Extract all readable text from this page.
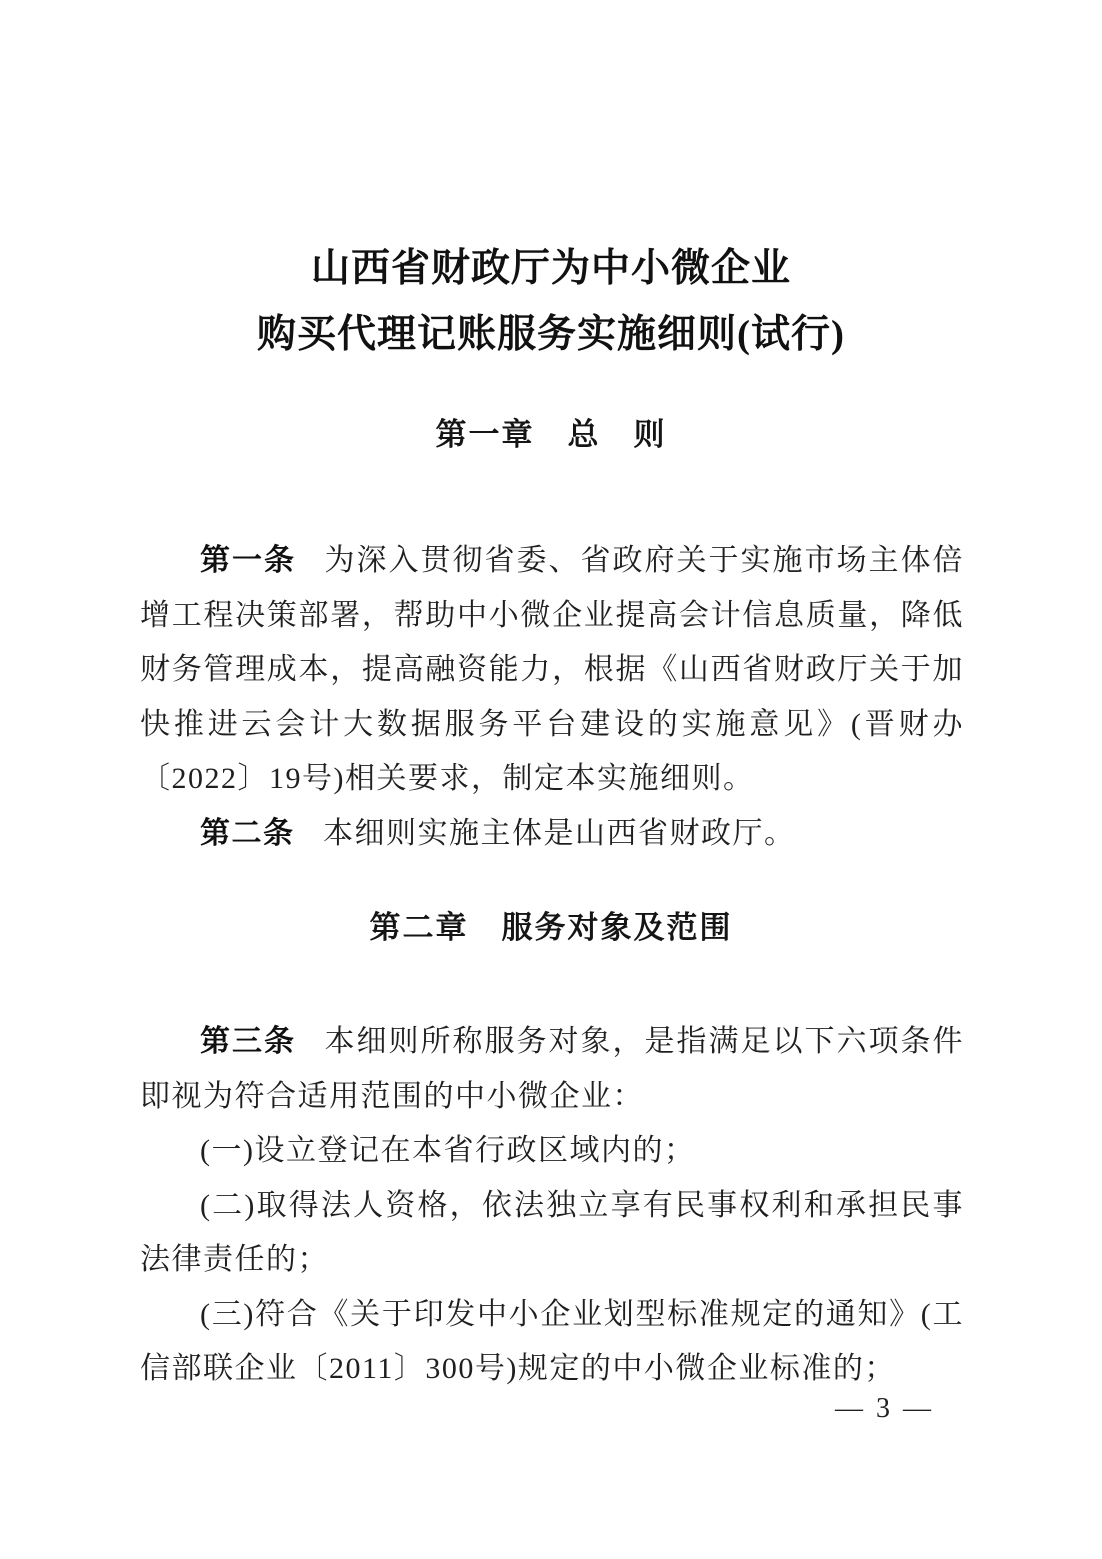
山西省财政厅为中小微企业
购买代理记账服务实施细则(试行)
第一章　总　则

第一条 为深入贯彻省委、省政府关于实施市场主体倍增工程决策部署，帮助中小微企业提高会计信息质量，降低财务管理成本，提高融资能力，根据《山西省财政厅关于加快推进云会计大数据服务平台建设的实施意见》(晋财办〔2022〕19号)相关要求，制定本实施细则。

第二条 本细则实施主体是山西省财政厅。

第二章　服务对象及范围

第三条 本细则所称服务对象，是指满足以下六项条件即视为符合适用范围的中小微企业：

(一)设立登记在本省行政区域内的；

(二)取得法人资格，依法独立享有民事权利和承担民事法律责任的；

(三)符合《关于印发中小企业划型标准规定的通知》(工信部联企业〔2011〕300号)规定的中小微企业标准的；

— 3 —
